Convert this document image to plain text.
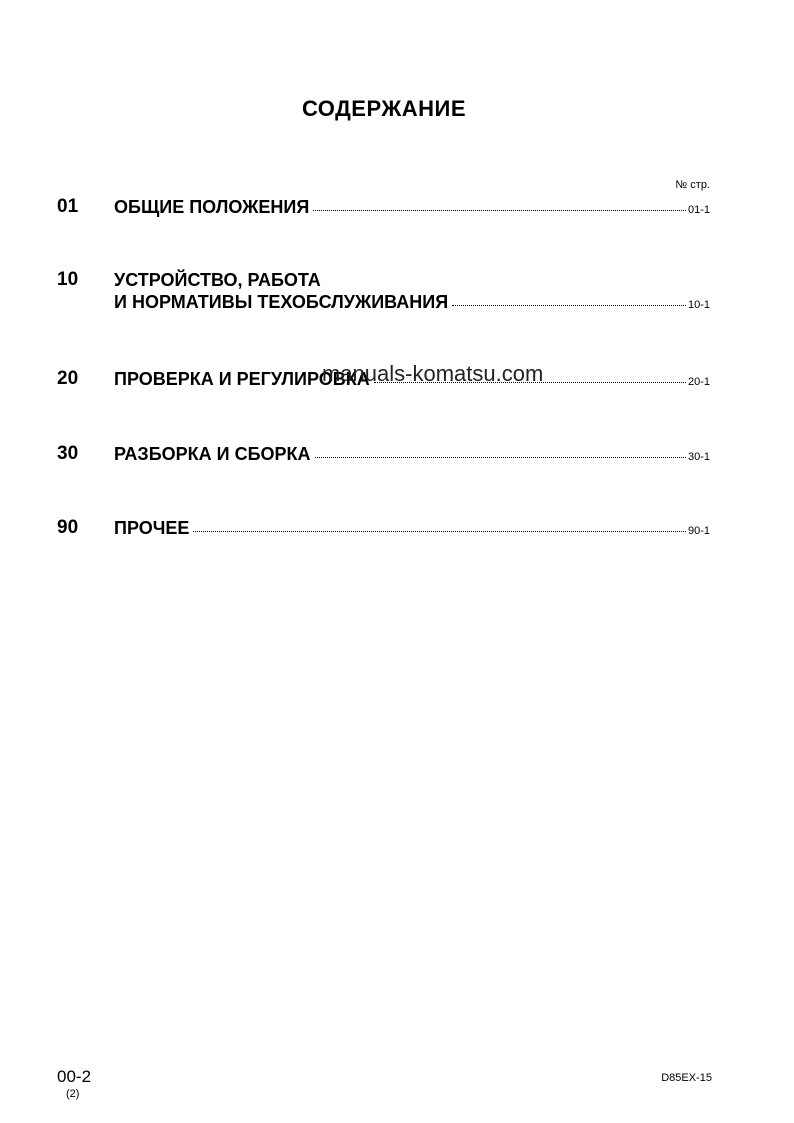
СОДЕРЖАНИЕ
№ стр.
01 ОБЩИЕ ПОЛОЖЕНИЯ	01-1
10 УСТРОЙСТВО, РАБОТА
И НОРМАТИВЫ ТЕХОБСЛУЖИВАНИЯ	10-1
20 ПРОВЕРКА И РЕГУЛИРОВКА	20-1
30 РАЗБОРКА И СБОРКА	30-1
90 ПРОЧЕЕ	90-1
manuals-komatsu.com
00-2
(2)
D85EX-15
